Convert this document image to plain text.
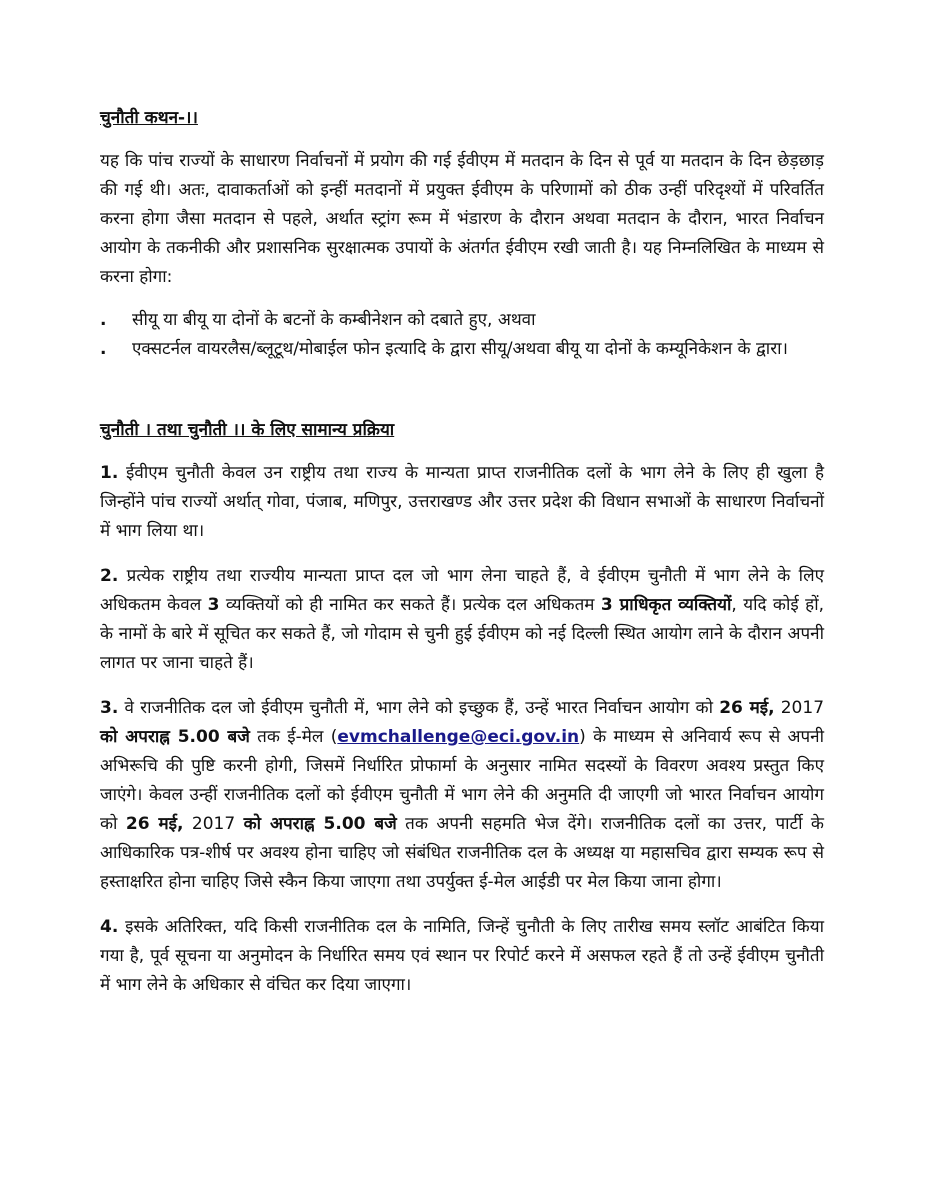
चुनौती कथन-।।

यह कि पांच राज्यों के साधारण निर्वाचनों में प्रयोग की गई ईवीएम में मतदान के दिन से पूर्व या मतदान के दिन छेड़छाड़ की गई थी। अतः, दावाकर्ताओं को इन्हीं मतदानों में प्रयुक्त ईवीएम के परिणामों को ठीक उन्हीं परिदृश्यों में परिवर्तित करना होगा जैसा मतदान से पहले, अर्थात स्ट्रांग रूम में भंडारण के दौरान अथवा मतदान के दौरान, भारत निर्वाचन आयोग के तकनीकी और प्रशासनिक सुरक्षात्मक उपायों के अंतर्गत ईवीएम रखी जाती है। यह निम्नलिखित के माध्यम से करना होगा:

. सीयू या बीयू या दोनों के बटनों के कम्बीनेशन को दबाते हुए, अथवा
. एक्सटर्नल वायरलैस/ब्लूटूथ/मोबाईल फोन इत्यादि के द्वारा सीयू/अथवा बीयू या दोनों के कम्यूनिकेशन के द्वारा।
चुनौती । तथा चुनौती ।। के लिए सामान्य प्रक्रिया

1. ईवीएम चुनौती केवल उन राष्ट्रीय तथा राज्य के मान्यता प्राप्त राजनीतिक दलों के भाग लेने के लिए ही खुला है जिन्होंने पांच राज्यों अर्थात् गोवा, पंजाब, मणिपुर, उत्तराखण्ड और उत्तर प्रदेश की विधान सभाओं के साधारण निर्वाचनों में भाग लिया था।

2. प्रत्येक राष्ट्रीय तथा राज्यीय मान्यता प्राप्त दल जो भाग लेना चाहते हैं, वे ईवीएम चुनौती में भाग लेने के लिए अधिकतम केवल 3 व्यक्तियों को ही नामित कर सकते हैं। प्रत्येक दल अधिकतम 3 प्राधिकृत व्यक्तियों, यदि कोई हों, के नामों के बारे में सूचित कर सकते हैं, जो गोदाम से चुनी हुई ईवीएम को नई दिल्ली स्थित आयोग लाने के दौरान अपनी लागत पर जाना चाहते हैं।

3. वे राजनीतिक दल जो ईवीएम चुनौती में, भाग लेने को इच्छुक हैं, उन्हें भारत निर्वाचन आयोग को 26 मई, 2017 को अपराह्न 5.00 बजे तक ई-मेल (evmchallenge@eci.gov.in) के माध्यम से अनिवार्य रूप से अपनी अभिरूचि की पुष्टि करनी होगी, जिसमें निर्धारित प्रोफार्मा के अनुसार नामित सदस्यों के विवरण अवश्य प्रस्तुत किए जाएंगे। केवल उन्हीं राजनीतिक दलों को ईवीएम चुनौती में भाग लेने की अनुमति दी जाएगी जो भारत निर्वाचन आयोग को 26 मई, 2017 को अपराह्न 5.00 बजे तक अपनी सहमति भेज देंगे। राजनीतिक दलों का उत्तर, पार्टी के आधिकारिक पत्र-शीर्ष पर अवश्य होना चाहिए जो संबंधित राजनीतिक दल के अध्यक्ष या महासचिव द्वारा सम्यक रूप से हस्ताक्षरित होना चाहिए जिसे स्कैन किया जाएगा तथा उपर्युक्त ई-मेल आईडी पर मेल किया जाना होगा।

4. इसके अतिरिक्त, यदि किसी राजनीतिक दल के नामिति, जिन्हें चुनौती के लिए तारीख समय स्लॉट आबंटित किया गया है, पूर्व सूचना या अनुमोदन के निर्धारित समय एवं स्थान पर रिपोर्ट करने में असफल रहते हैं तो उन्हें ईवीएम चुनौती में भाग लेने के अधिकार से वंचित कर दिया जाएगा।
